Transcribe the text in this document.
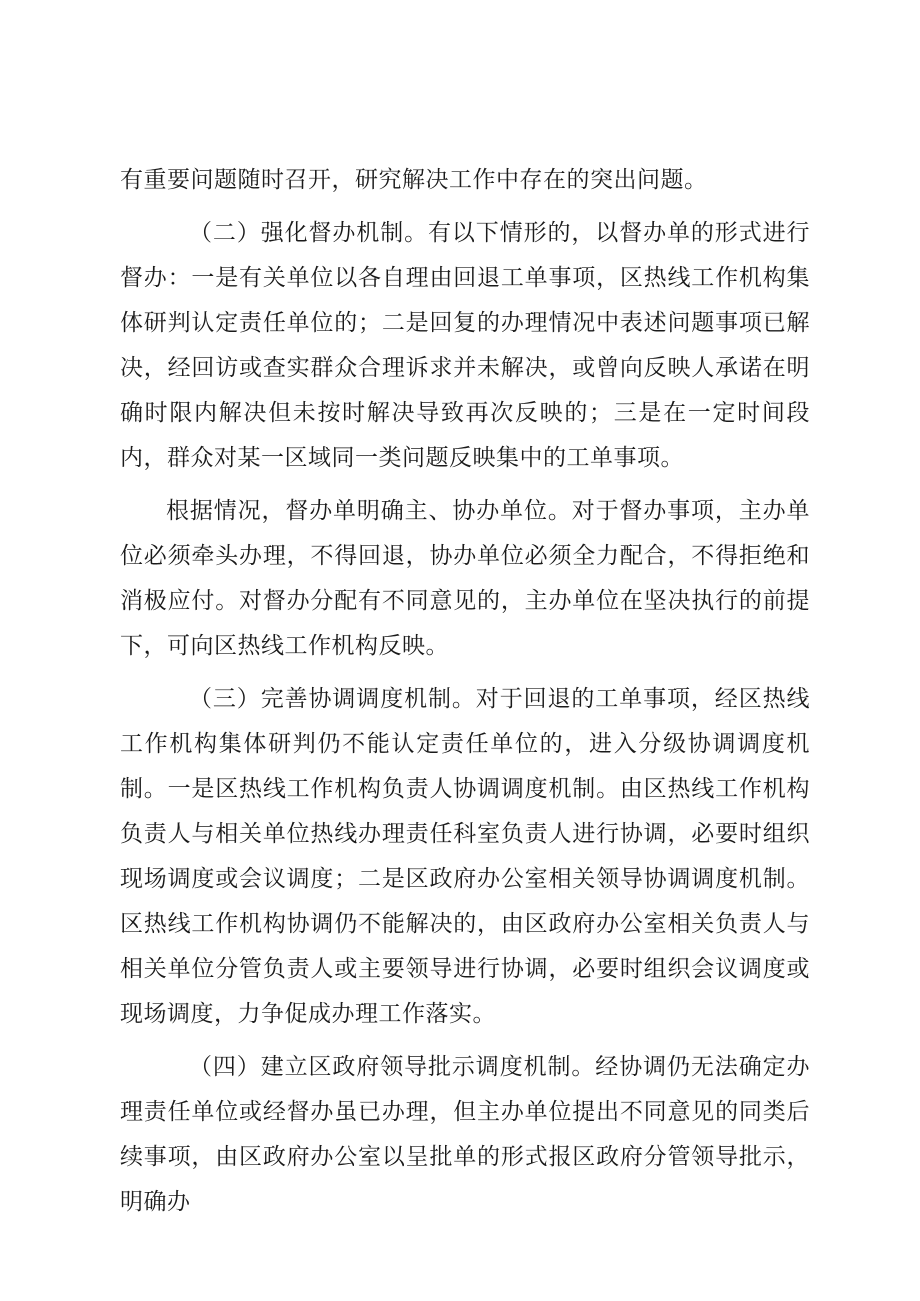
有重要问题随时召开，研究解决工作中存在的突出问题。

（二）强化督办机制。有以下情形的，以督办单的形式进行督办：一是有关单位以各自理由回退工单事项，区热线工作机构集体研判认定责任单位的；二是回复的办理情况中表述问题事项已解决，经回访或查实群众合理诉求并未解决，或曾向反映人承诺在明确时限内解决但未按时解决导致再次反映的；三是在一定时间段内，群众对某一区域同一类问题反映集中的工单事项。

根据情况，督办单明确主、协办单位。对于督办事项，主办单位必须牵头办理，不得回退，协办单位必须全力配合，不得拒绝和消极应付。对督办分配有不同意见的，主办单位在坚决执行的前提下，可向区热线工作机构反映。

（三）完善协调调度机制。对于回退的工单事项，经区热线工作机构集体研判仍不能认定责任单位的，进入分级协调调度机制。一是区热线工作机构负责人协调调度机制。由区热线工作机构负责人与相关单位热线办理责任科室负责人进行协调，必要时组织现场调度或会议调度；二是区政府办公室相关领导协调调度机制。区热线工作机构协调仍不能解决的，由区政府办公室相关负责人与相关单位分管负责人或主要领导进行协调，必要时组织会议调度或现场调度，力争促成办理工作落实。

（四）建立区政府领导批示调度机制。经协调仍无法确定办理责任单位或经督办虽已办理，但主办单位提出不同意见的同类后续事项，由区政府办公室以呈批单的形式报区政府分管领导批示，明确办
